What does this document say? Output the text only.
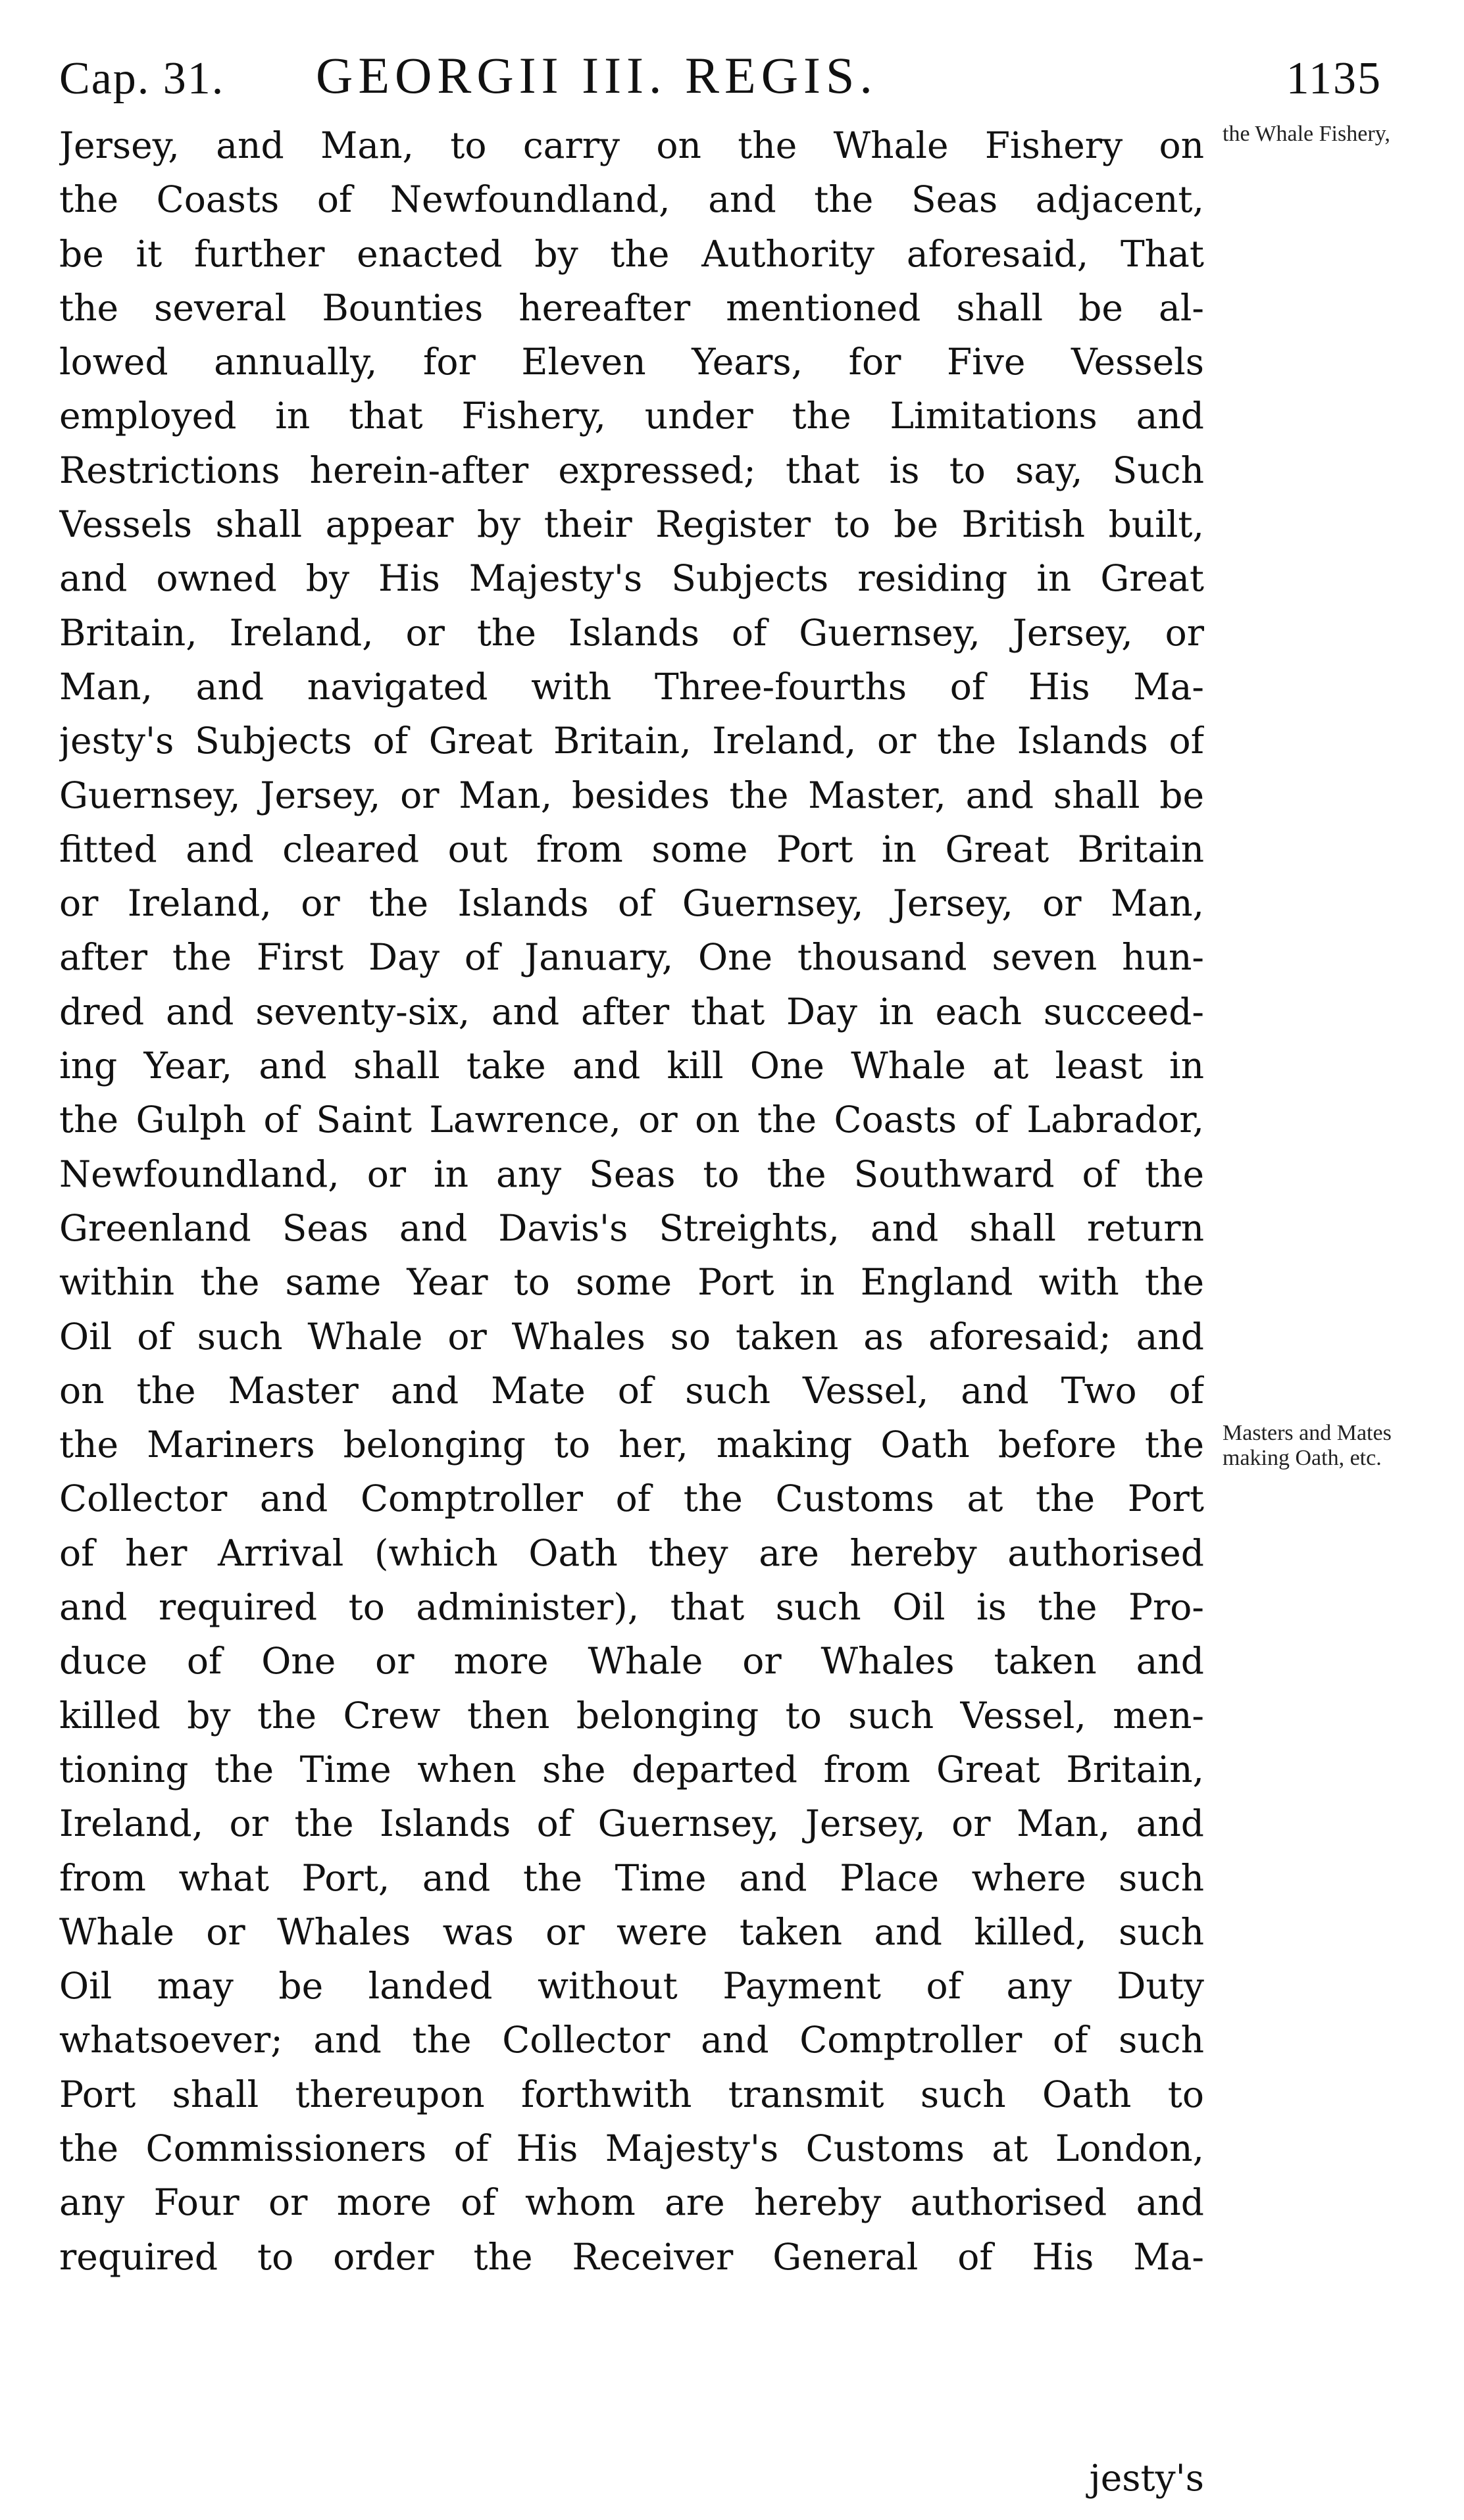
Cap. 31. GEORGII III. REGIS.	1135
Jersey, and Man, to carry on the Whale Fishery on
the Coasts of Newfoundland, and the Seas adjacent,
be it further enacted by the Authority aforesaid, That
the several Bounties hereafter mentioned shall be al-
lowed annually, for Eleven Years, for Five Vessels
employed in that Fishery, under the Limitations and
Restrictions herein-after expressed; that is to say, Such
Vessels shall appear by their Register to be British built,
and owned by His Majesty's Subjects residing in Great
Britain, Ireland, or the Islands of Guernsey, Jersey, or
Man, and navigated with Three-fourths of His Ma-
jesty's Subjects of Great Britain, Ireland, or the Islands of
Guernsey, Jersey, or Man, besides the Master, and shall be
fitted and cleared out from some Port in Great Britain
or Ireland, or the Islands of Guernsey, Jersey, or Man,
after the First Day of January, One thousand seven hun-
dred and seventy-six, and after that Day in each succeed-
ing Year, and shall take and kill One Whale at least in
the Gulph of Saint Lawrence, or on the Coasts of Labrador,
Newfoundland, or in any Seas to the Southward of the
Greenland Seas and Davis's Streights, and shall return
within the same Year to some Port in England with the
Oil of such Whale or Whales so taken as aforesaid; and
on the Master and Mate of such Vessel, and Two of
the Mariners belonging to her, making Oath before the
Collector and Comptroller of the Customs at the Port
of her Arrival (which Oath they are hereby authorised
and required to administer), that such Oil is the Pro-
duce of One or more Whale or Whales taken and
killed by the Crew then belonging to such Vessel, men-
tioning the Time when she departed from Great Britain,
Ireland, or the Islands of Guernsey, Jersey, or Man, and
from what Port, and the Time and Place where such
Whale or Whales was or were taken and killed, such
Oil may be landed without Payment of any Duty
whatsoever; and the Collector and Comptroller of such
Port shall thereupon forthwith transmit such Oath to
the Commissioners of His Majesty's Customs at London,
any Four or more of whom are hereby authorised and
required to order the Receiver General of His Ma-
the Whale Fishery,
Masters and Mates making Oath, etc.
jesty's
